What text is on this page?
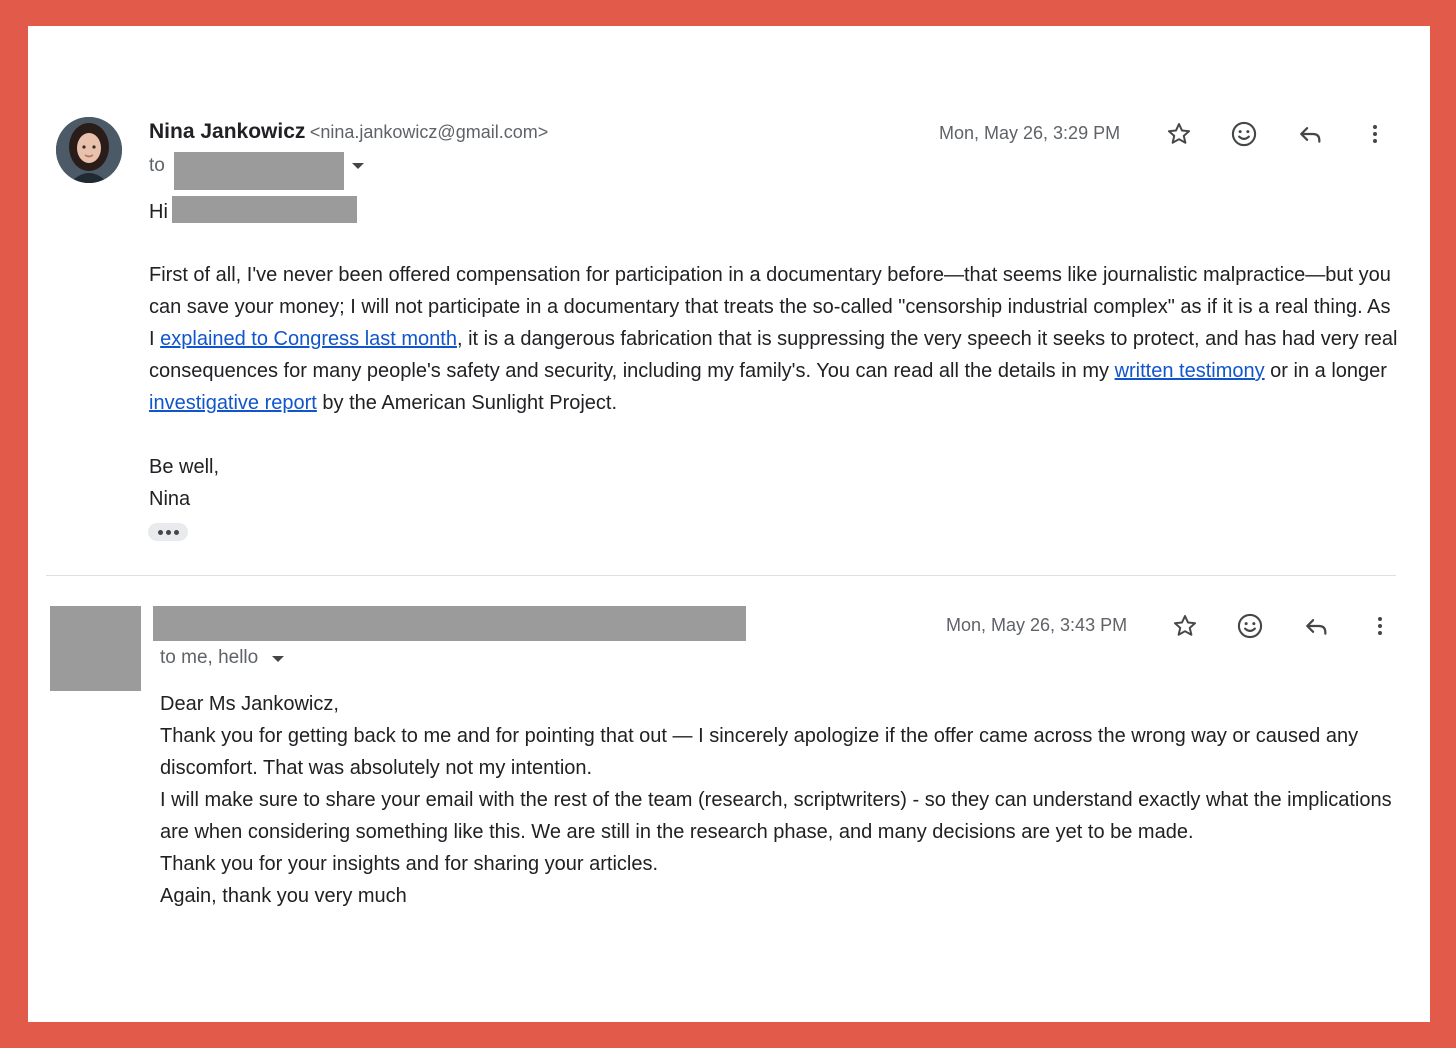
Nina Jankowicz <nina.jankowicz@gmail.com>	Mon, May 26, 3:29 PM
to
Hi

First of all, I've never been offered compensation for participation in a documentary before—that seems like journalistic malpractice—but you can save your money; I will not participate in a documentary that treats the so-called "censorship industrial complex" as if it is a real thing. As I explained to Congress last month, it is a dangerous fabrication that is suppressing the very speech it seeks to protect, and has had very real consequences for many people's safety and security, including my family's. You can read all the details in my written testimony or in a longer investigative report by the American Sunlight Project.

Be well,
Nina
Mon, May 26, 3:43 PM
to me, hello

Dear Ms Jankowicz,

Thank you for getting back to me and for pointing that out — I sincerely apologize if the offer came across the wrong way or caused any discomfort. That was absolutely not my intention.

I will make sure to share your email with the rest of the team (research, scriptwriters) - so they can understand exactly what the implications are when considering something like this. We are still in the research phase, and many decisions are yet to be made.

Thank you for your insights and for sharing your articles.

Again, thank you very much
